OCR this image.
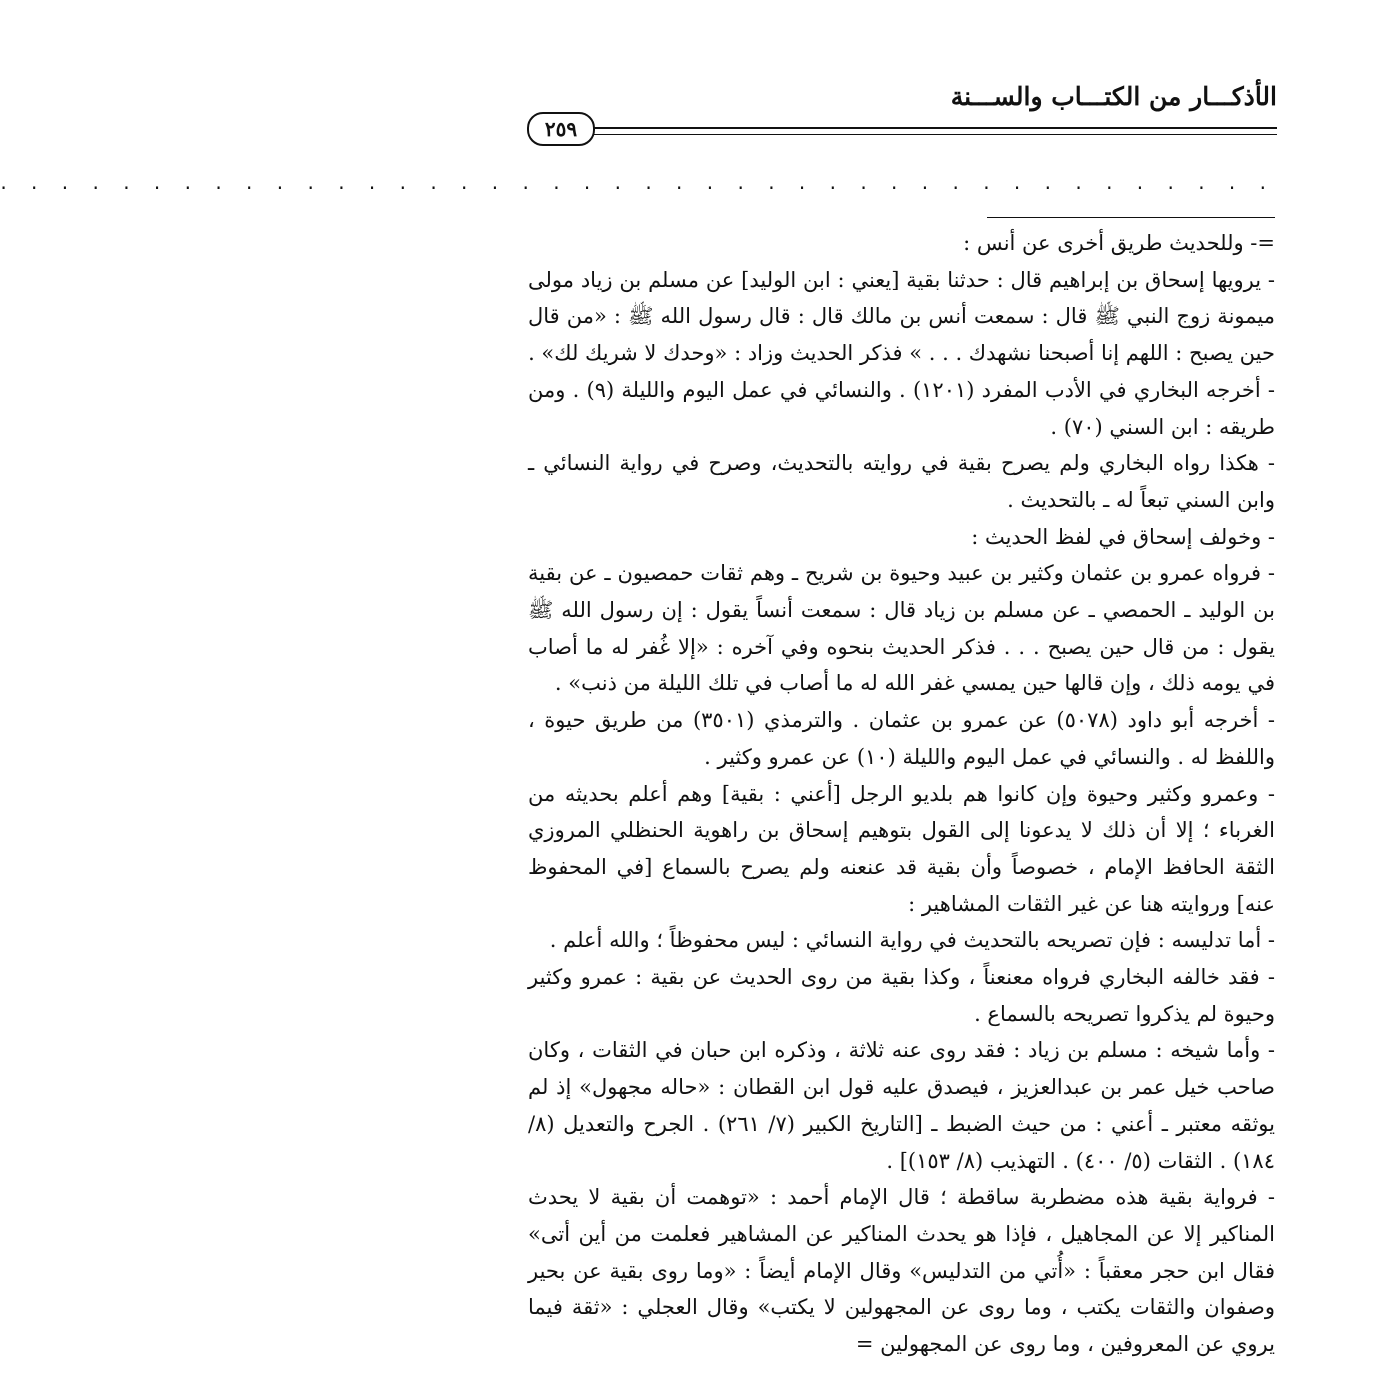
الأذكـــار من الكتـــاب والســـنة
٢٥٩
. . . . . . . . . . . . . . . . . . . . . . . . . . . . . . . . . . . . . . . . . .

=- وللحديث طريق أخرى عن أنس :

- يرويها إسحاق بن إبراهيم قال : حدثنا بقية [يعني : ابن الوليد] عن مسلم بن زياد مولى ميمونة زوج النبي ﷺ قال : سمعت أنس بن مالك قال : قال رسول الله ﷺ : «من قال حين يصبح : اللهم إنا أصبحنا نشهدك . . . » فذكر الحديث وزاد : «وحدك لا شريك لك» .

- أخرجه البخاري في الأدب المفرد (١٢٠١) . والنسائي في عمل اليوم والليلة (٩) . ومن طريقه : ابن السني (٧٠) .

- هكذا رواه البخاري ولم يصرح بقية في روايته بالتحديث، وصرح في رواية النسائي ـ وابن السني تبعاً له ـ بالتحديث .

- وخولف إسحاق في لفظ الحديث :

- فرواه عمرو بن عثمان وكثير بن عبيد وحيوة بن شريح ـ وهم ثقات حمصيون ـ عن بقية بن الوليد ـ الحمصي ـ عن مسلم بن زياد قال : سمعت أنساً يقول : إن رسول الله ﷺ يقول : من قال حين يصبح . . . فذكر الحديث بنحوه وفي آخره : «إلا غُفر له ما أصاب في يومه ذلك ، وإن قالها حين يمسي غفر الله له ما أصاب في تلك الليلة من ذنب» .

- أخرجه أبو داود (٥٠٧٨) عن عمرو بن عثمان . والترمذي (٣٥٠١) من طريق حيوة ، واللفظ له . والنسائي في عمل اليوم والليلة (١٠) عن عمرو وكثير .

- وعمرو وكثير وحيوة وإن كانوا هم بلديو الرجل [أعني : بقية] وهم أعلم بحديثه من الغرباء ؛ إلا أن ذلك لا يدعونا إلى القول بتوهيم إسحاق بن راهوية الحنظلي المروزي الثقة الحافظ الإمام ، خصوصاً وأن بقية قد عنعنه ولم يصرح بالسماع [في المحفوظ عنه] وروايته هنا عن غير الثقات المشاهير :

- أما تدليسه : فإن تصريحه بالتحديث في رواية النسائي : ليس محفوظاً ؛ والله أعلم .

- فقد خالفه البخاري فرواه معنعناً ، وكذا بقية من روى الحديث عن بقية : عمرو وكثير وحيوة لم يذكروا تصريحه بالسماع .

- وأما شيخه : مسلم بن زياد : فقد روى عنه ثلاثة ، وذكره ابن حبان في الثقات ، وكان صاحب خيل عمر بن عبدالعزيز ، فيصدق عليه قول ابن القطان : «حاله مجهول» إذ لم يوثقه معتبر ـ أعني : من حيث الضبط ـ [التاريخ الكبير (٧/ ٢٦١) . الجرح والتعديل (٨/ ١٨٤) . الثقات (٥/ ٤٠٠) . التهذيب (٨/ ١٥٣)] .

- فرواية بقية هذه مضطربة ساقطة ؛ قال الإمام أحمد : «توهمت أن بقية لا يحدث المناكير إلا عن المجاهيل ، فإذا هو يحدث المناكير عن المشاهير فعلمت من أين أتى» فقال ابن حجر معقباً : «أُتي من التدليس» وقال الإمام أيضاً : «وما روى بقية عن بحير وصفوان والثقات يكتب ، وما روى عن المجهولين لا يكتب» وقال العجلي : «ثقة فيما يروي عن المعروفين ، وما روى عن المجهولين =
